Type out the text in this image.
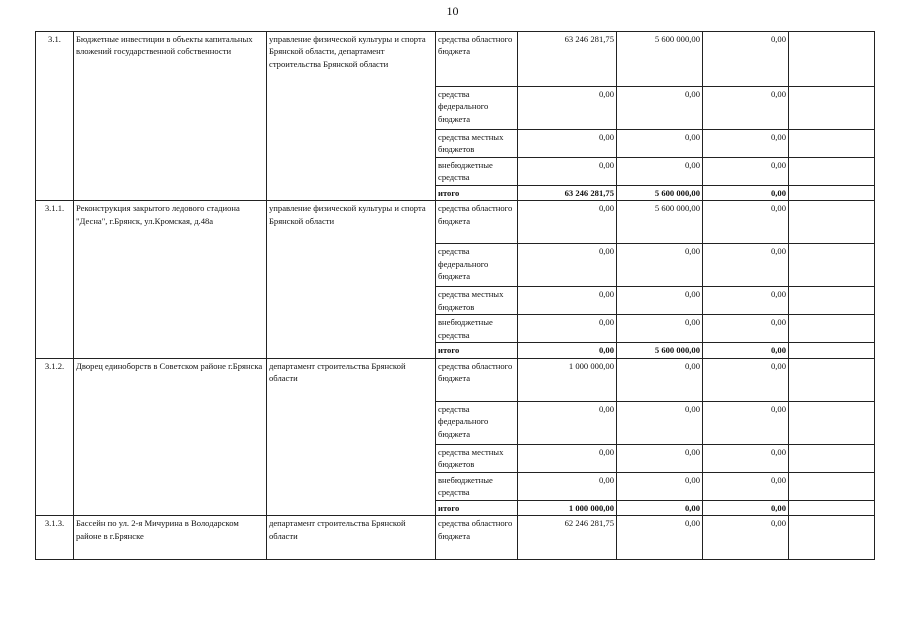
10
3.1.	Бюджетные инвестиции в объекты капитальных вложений государственной собственности	управление физической культуры и спорта Брянской области, департамент строительства Брянской области	средства областного бюджета	63 246 281,75	5 600 000,00	0,00	
			средства федерального бюджета	0,00	0,00	0,00	
			средства местных бюджетов	0,00	0,00	0,00	
			внебюджетные средства	0,00	0,00	0,00	
			итого	63 246 281,75	5 600 000,00	0,00	
3.1.1.	Реконструкция закрытого ледового стадиона "Десна", г.Брянск, ул.Кромская, д.48а	управление физической культуры и спорта Брянской области	средства областного бюджета	0,00	5 600 000,00	0,00	
			средства федерального бюджета	0,00	0,00	0,00	
			средства местных бюджетов	0,00	0,00	0,00	
			внебюджетные средства	0,00	0,00	0,00	
			итого	0,00	5 600 000,00	0,00	
3.1.2.	Дворец единоборств в Советском районе г.Брянска	департамент строительства Брянской области	средства областного бюджета	1 000 000,00	0,00	0,00	
			средства федерального бюджета	0,00	0,00	0,00	
			средства местных бюджетов	0,00	0,00	0,00	
			внебюджетные средства	0,00	0,00	0,00	
			итого	1 000 000,00	0,00	0,00	
3.1.3.	Бассейн по ул. 2-я Мичурина в Володарском районе в г.Брянске	департамент строительства Брянской области	средства областного бюджета	62 246 281,75	0,00	0,00	
